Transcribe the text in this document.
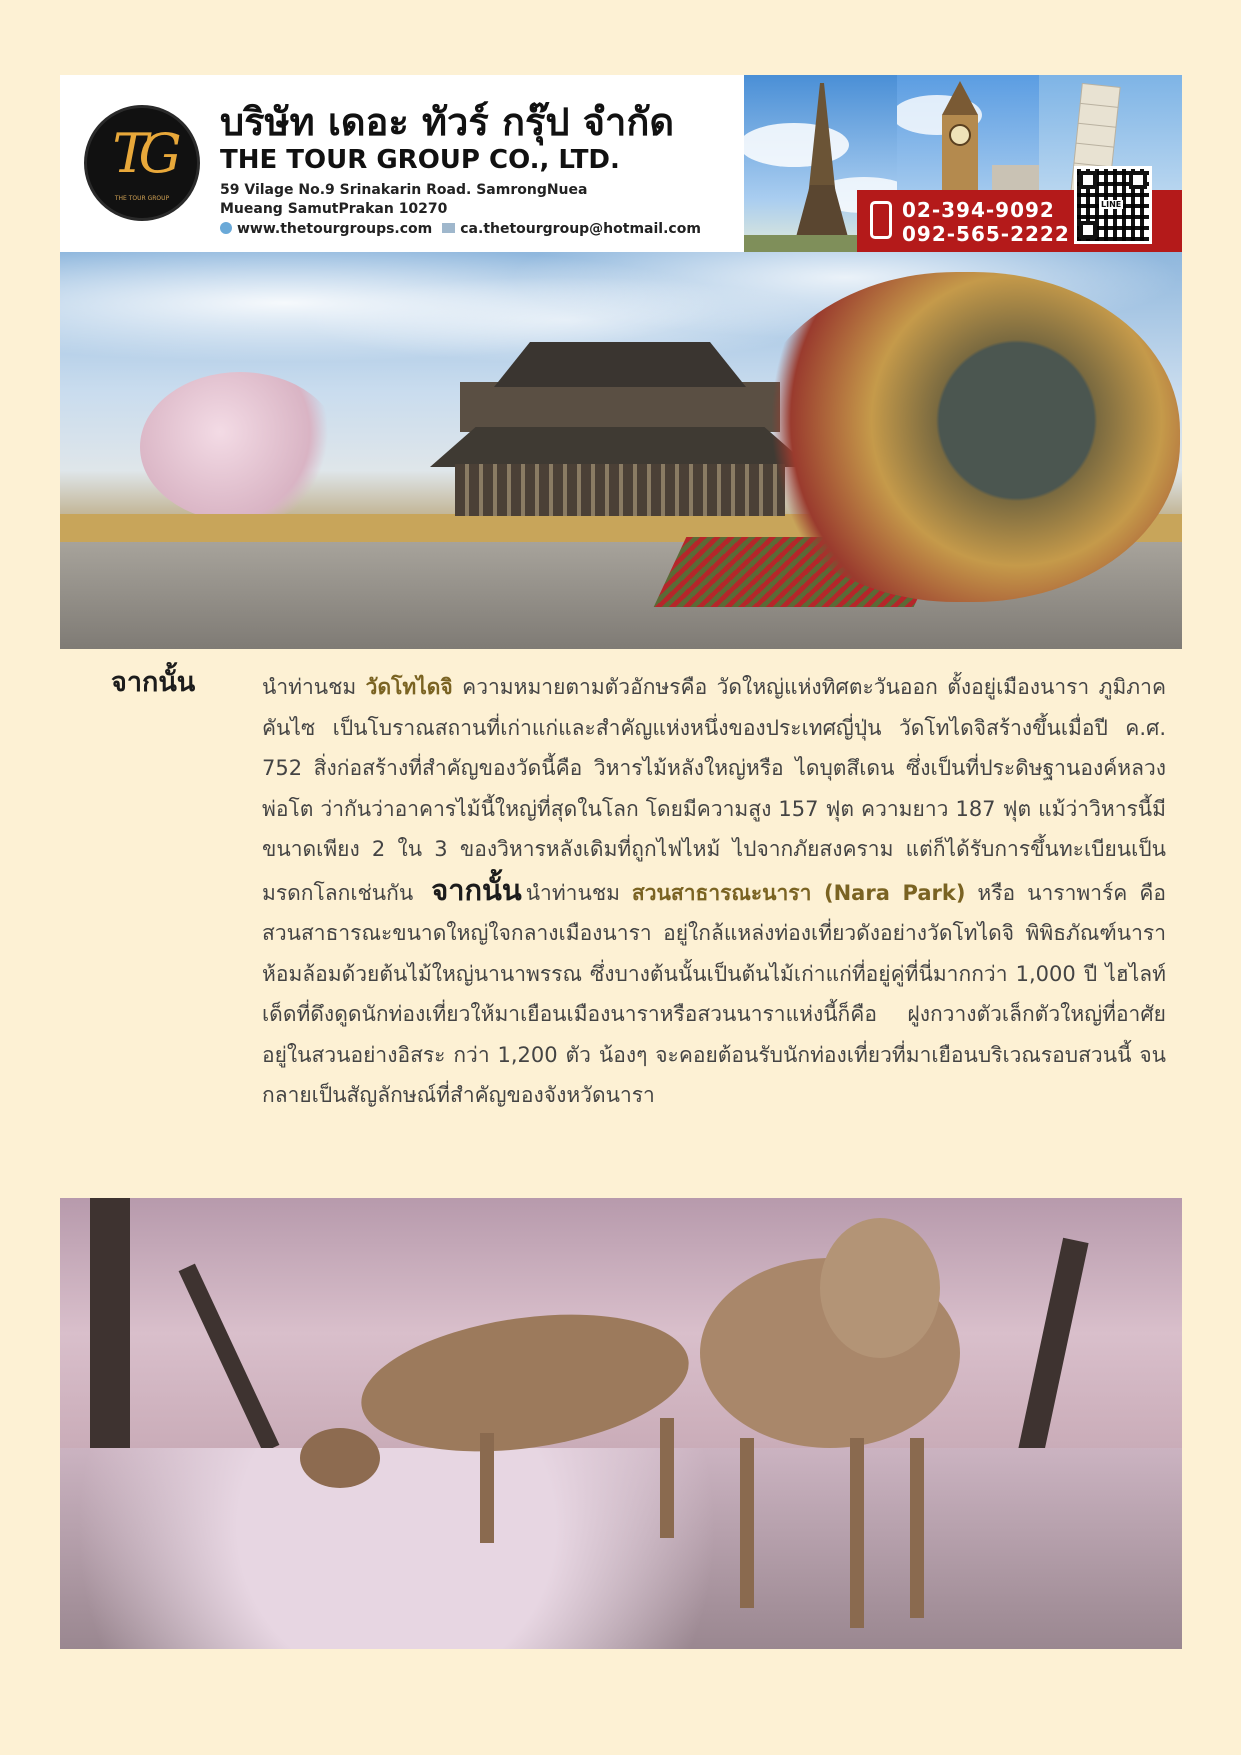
TG
THE TOUR GROUP
บริษัท เดอะ ทัวร์ กรุ๊ป จำกัด
THE TOUR GROUP CO., LTD.
59 Vilage No.9 Srinakarin Road. SamrongNuea
Mueang SamutPrakan 10270
www.thetourgroups.com ca.thetourgroup@hotmail.com
02-394-9092
092-565-2222
LINE
จากนั้น	นำท่านชม วัดโทไดจิ ความหมายตามตัวอักษรคือ วัดใหญ่แห่งทิศตะวันออก ตั้งอยู่เมืองนารา ภูมิภาคคันไซ เป็นโบราณสถานที่เก่าแก่และสำคัญแห่งหนึ่งของประเทศญี่ปุ่น วัดโทไดจิสร้างขึ้นเมื่อปี ค.ศ. 752 สิ่งก่อสร้างที่สำคัญของวัดนี้คือ วิหารไม้หลังใหญ่หรือ ไดบุตสึเดน ซึ่งเป็นที่ประดิษฐานองค์หลวงพ่อโต ว่ากันว่าอาคารไม้นี้ใหญ่ที่สุดในโลก โดยมีความสูง 157 ฟุต ความยาว 187 ฟุต แม้ว่าวิหารนี้มีขนาดเพียง 2 ใน 3 ของวิหารหลังเดิมที่ถูกไฟไหม้ ไปจากภัยสงคราม แต่ก็ได้รับการขึ้นทะเบียนเป็นมรดกโลกเช่นกัน จากนั้น นำท่านชม สวนสาธารณะนารา (Nara Park) หรือ นาราพาร์ค คือสวนสาธารณะขนาดใหญ่ใจกลางเมืองนารา อยู่ใกล้แหล่งท่องเที่ยวดังอย่างวัดโทไดจิ พิพิธภัณฑ์นารา ห้อมล้อมด้วยต้นไม้ใหญ่นานาพรรณ ซึ่งบางต้นนั้นเป็นต้นไม้เก่าแก่ที่อยู่คู่ที่นี่มากกว่า 1,000 ปี ไฮไลท์เด็ดที่ดึงดูดนักท่องเที่ยวให้มาเยือนเมืองนาราหรือสวนนาราแห่งนี้ก็คือ ฝูงกวางตัวเล็กตัวใหญ่ที่อาศัยอยู่ในสวนอย่างอิสระ กว่า 1,200 ตัว น้องๆ จะคอยต้อนรับนักท่องเที่ยวที่มาเยือนบริเวณรอบสวนนี้ จนกลายเป็นสัญลักษณ์ที่สำคัญของจังหวัดนารา
